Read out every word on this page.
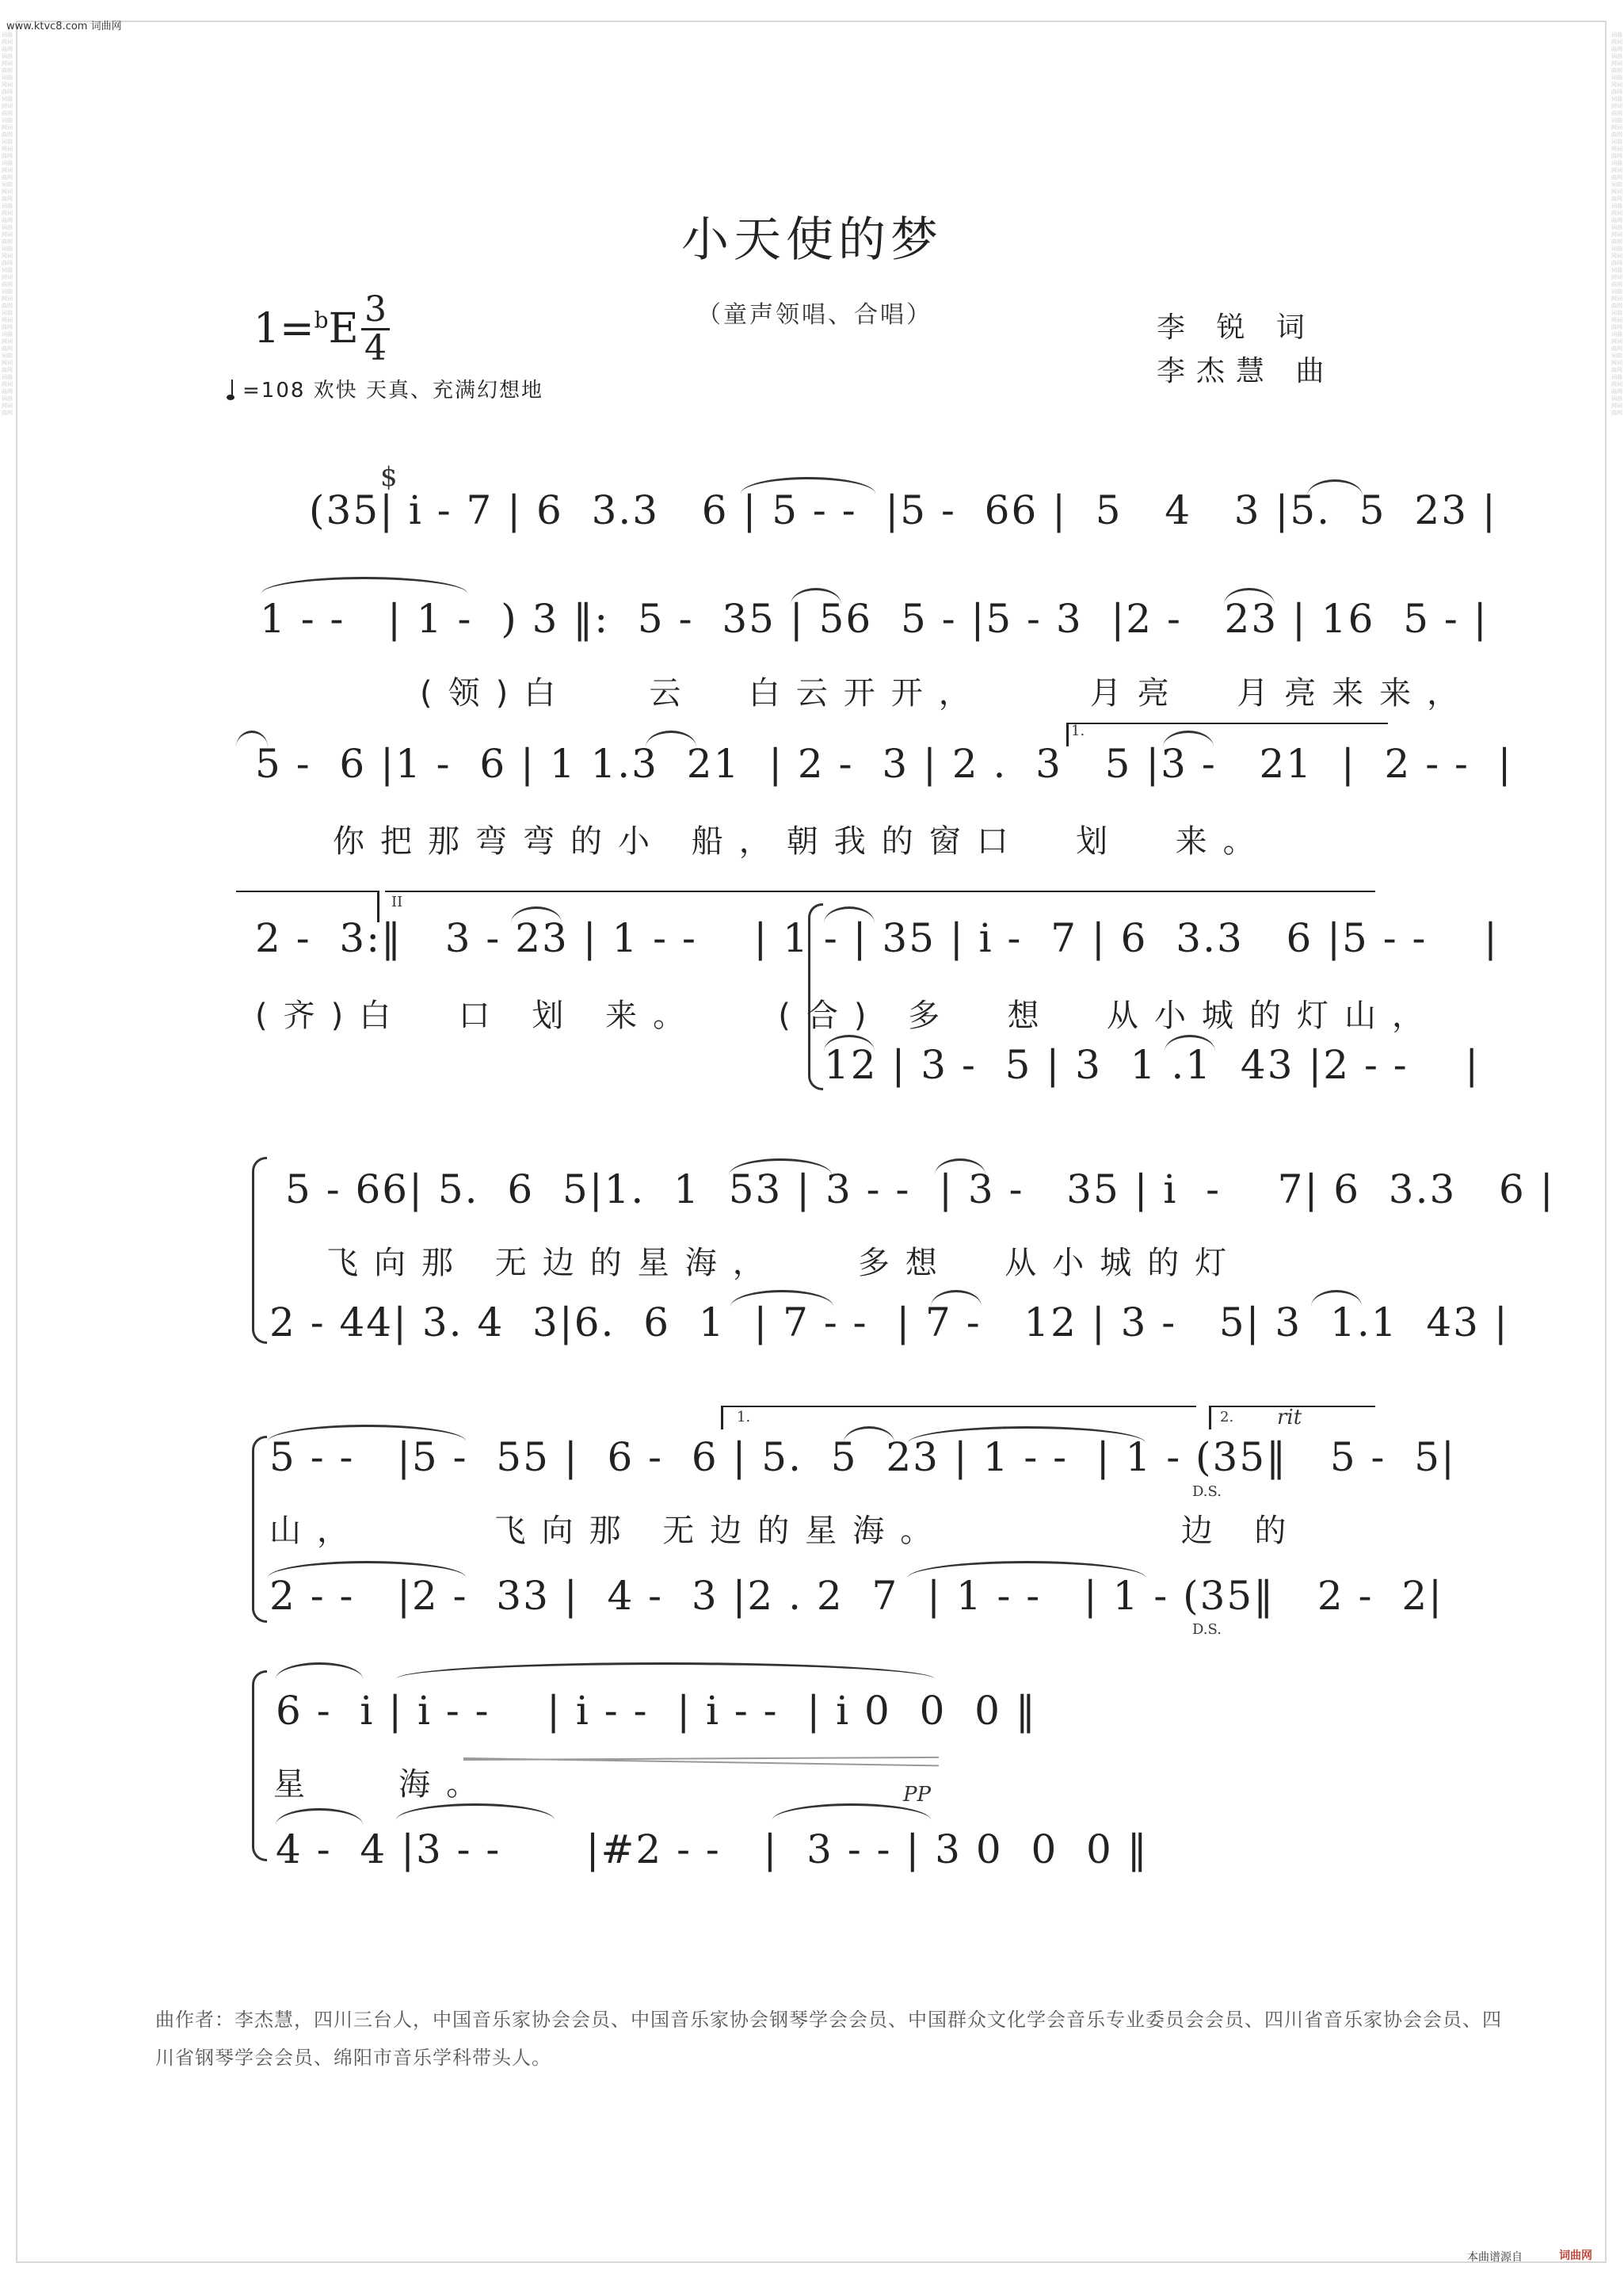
词曲网词曲网词曲网词曲网词曲网词曲网词曲网词曲网词曲网词曲网词曲网词曲网词曲网词曲网词曲网词曲网词曲网词曲网词曲网词曲网词曲网词曲网词曲网词曲网词曲网词曲网词曲网词曲网词曲网词曲网词曲网词曲网词曲网词曲网词曲网词曲网
词曲网词曲网词曲网词曲网词曲网词曲网词曲网词曲网词曲网词曲网词曲网词曲网词曲网词曲网词曲网词曲网词曲网词曲网词曲网词曲网词曲网词曲网词曲网词曲网词曲网词曲网词曲网词曲网词曲网词曲网词曲网词曲网词曲网词曲网词曲网词曲网
www.ktvc8.com 词曲网
小天使的梦
（童声领唱、合唱）	李 锐 词
李杰慧 曲
1=$^b$E 3
4
=108 欢快 天真、充满幻想地
$
(35| i - 7 | 6  3.3   6 | 5 - -  |5 -  66 |  5   4   3 |5.  5  23 |
1 - -   | 1 -  ) 3 ‖:  5 -  35 | 56  5 - |5 - 3  |2 -   23 | 16  5 - |
(领)白   云  白云开开，    月亮  月亮来来，
5 -  6 |1 -  6 | 1 1.3  21  | 2 -  3 | 2 .  3   5 |3 -   21  |  2 - -  |
1.
你把那弯弯的小 船，朝我的窗口  划  来。
II
2 -  3:‖   3 - 23 | 1 - -    | 1 - | 35 | i -  7 | 6  3.3   6 |5 - -    |
(齐)白  口 划 来。   (合) 多  想  从小城的灯山，
12 | 3 -  5 | 3  1 .1  43 |2 - -    |
5 - 66| 5.  6  5|1.  1  53 | 3 - -  | 3 -   35 | i  -    7| 6  3.3   6 |
飞向那 无边的星海，   多想  从小城的灯
2 - 44| 3. 4  3|6.  6  1  | 7 - -  | 7 -   12 | 3 -   5| 3  1.1  43 |
1.	2. rit
5 - -   |5 -  55 |  6 -  6 | 5.  5  23 | 1 - -  | 1 - (35‖   5 -  5|
D.S.
山，     飞向那 无边的星海。         边 的
2 - -   |2 -  33 |  4 -  3 |2 . 2  7  | 1 - -   | 1 - (35‖   2 -  2|
D.S.
6 -  i | i - -    | i - -  | i - -  | i 0  0  0 ‖
星   海。	PP
4 -  4 |3 - -      |#2 - -   |  3 - - | 3 0  0  0 ‖
曲作者：李杰慧，四川三台人，中国音乐家协会会员、中国音乐家协会钢琴学会会员、中国群众文化学会音乐专业委员会会员、四川省音乐家协会会员、四川省钢琴学会会员、绵阳市音乐学科带头人。
本曲谱源自	词曲网
